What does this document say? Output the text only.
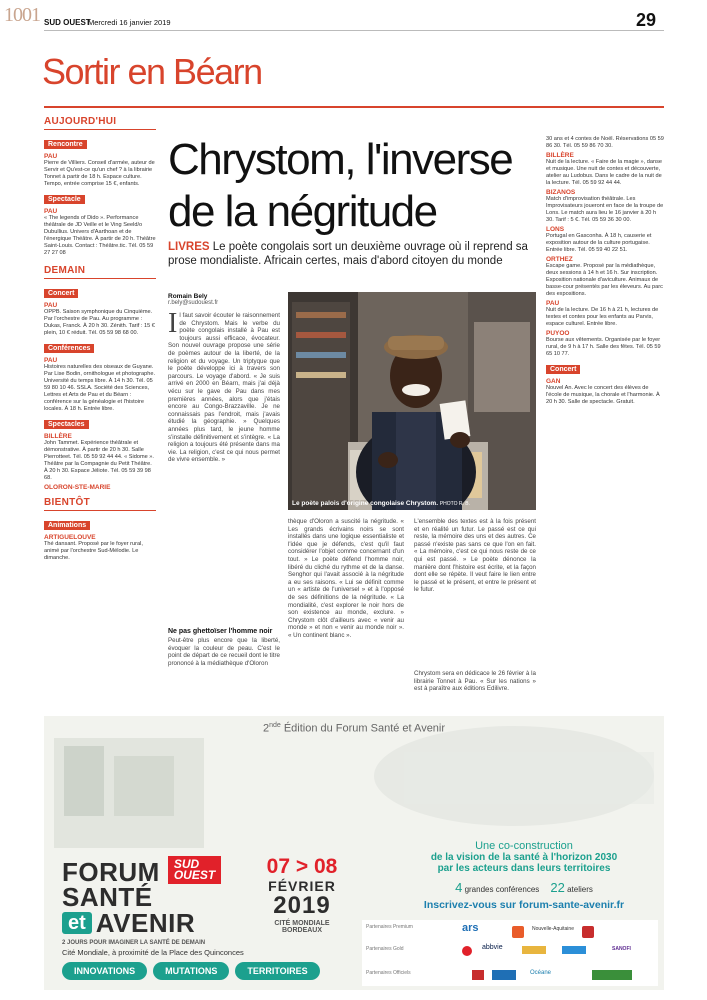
1001 SUD OUEST
Mercredi 16 janvier 2019	29
Sortir en Béarn
AUJOURD'HUI
Rencontre
PAU
Pierre de Villiers. Conseil d'armée, auteur de Servir et Qu'est-ce qu'un chef ? à la librairie Tonnet à partir de 18 h. Espace culture. Tempo, entrée comprise 15 €, enfants.
Spectacle
PAU
« The legends of Dido ». Performance théâtrale de JD Veille et le Ving Seeld/o Dubullius. Univers d'Aarthoan et de l'énergique Théâtre. À partir de 20 h. Théâtre Saint-Louis. Contact : Théâtre.tic. Tél. 05 59 27 27 08
DEMAIN
Concert
PAU
OPPB. Saison symphonique du Cinquième. Par l'orchestre de Pau. Au programme : Dukas, Franck. À 20 h 30. Zénith. Tarif : 15 € plein, 10 € réduit. Tél. 05 59 98 68 00.
Conférences
PAU
Histoires naturelles des oiseaux de Guyane. Par Lise Bodin, ornithologue et photographe. Université du temps libre. À 14 h 30. Tél. 05 59 80 10 46. SSLA. Société des Sciences, Lettres et Arts de Pau et du Béarn : conférence sur la généalogie et l'histoire locales. À 18 h. Entrée libre.
Spectacles
BILLÈRE
John Tammet. Expérience théâtrale et démonstrative. À partir de 20 h 30. Salle Pierrotteet. Tél. 05 59 92 44 44. « Sidome ». Théâtre par la Compagnie du Petit Théâtre. À 20 h 30. Espace Jéliote. Tél. 05 59 39 98 68.
OLORON-STE-MARIE
BIENTÔT
Animations
ARTIGUELOUVE
Thé dansant. Proposé par le foyer rural, animé par l'orchestre Sud-Mélodie. Le dimanche.
Chrystom, l'inverse
de la négritude
LIVRES Le poète congolais sort un deuxième ouvrage où il reprend sa prose mondialiste. Africain certes, mais d'abord citoyen du monde
Romain Bely
r.bely@sudouest.fr
I l faut savoir écouter le raisonnement de Chrystom. Mais le verbe du poète congolais installé à Pau est toujours aussi efficace, évocateur. Son nouvel ouvrage propose une série de poèmes autour de la liberté, de la religion et du voyage. Un triptyque que le poète développe ici à travers son parcours. Le voyage d'abord. « Je suis arrivé en 2000 en Béarn, mais j'ai déjà vécu sur le gave de Pau dans mes premières années, alors que j'étais encore au Congo-Brazzaville. Je ne connaissais pas l'endroit, mais j'avais étudié la géographie. » Quelques années plus tard, le jeune homme s'installe définitivement et s'intègre. « La religion a toujours été présente dans ma vie. La religion, c'est ce qui nous permet de vivre ensemble. »
Ne pas ghettoïser l'homme noir
Peut-être plus encore que la liberté, évoquer la couleur de peau. C'est le point de départ de ce recueil dont le titre prononcé à la médiathèque d'Oloron
Le poète palois d'origine congolaise Chrystom. PHOTO R. B.
thèque d'Oloron a suscité la négritude. « Les grands écrivains noirs se sont installés dans une logique essentialiste et l'idée que je défends, c'est qu'il faut considérer l'objet comme concernant d'un tout. » Le poète défend l'homme noir, libéré du cliché du rythme et de la danse. Senghor qui l'avait associé à la négritude a eu ses raisons. « Lui se définit comme un « artiste de l'universel » et à l'opposé de ses définitions de la négritude. « La mondialité, c'est explorer le noir hors de son existence au monde, exclure. » Chrystom clôt d'ailleurs avec « venir au monde » et non « venir au monde noir ». « Un continent blanc ».
L'ensemble des textes est à la fois présent et en réalité un futur. Le passé est ce qui reste, la mémoire des uns et des autres. Ce passé n'existe pas sans ce que l'on en fait. « La mémoire, c'est ce qui nous reste de ce qui est passé. » Le poète dénonce la manière dont l'histoire est écrite, et la façon dont elle se répète. Il veut faire le lien entre le passé et le présent, et entre le présent et le futur.
Chrystom sera en dédicace le 26 février à la librairie Tonnet à Pau. « Sur les nations » est à paraître aux éditions Edilivre.
30 ans et 4 contes de Noël. Réservations 05 59 86 30. Tél. 05 59 86 70 30.
BILLÈRE
Nuit de la lecture. « Faire de la magie », danse et musique. Une nuit de contes et découverte, atelier au Ludobus. Dans le cadre de la nuit de la lecture. Tél. 05 59 92 44 44.
BIZANOS
Match d'improvisation théâtrale. Les Improvisateurs joueront en face de la troupe de Lons. Le match aura lieu le 16 janvier à 20 h 30. Tarif : 5 €. Tél. 05 59 36 30 00.
LONS
Portugal en Gasconha. À 18 h, causerie et exposition autour de la culture portugaise. Entrée libre. Tél. 05 59 40 22 51.
ORTHEZ
Escape game. Proposé par la médiathèque, deux sessions à 14 h et 16 h. Sur inscription. Exposition nationale d'aviculture. Animaux de basse-cour présentés par les éleveurs. Au parc des expositions.
PAU
Nuit de la lecture. De 16 h à 21 h, lectures de textes et contes pour les enfants au Parvis, espace culturel. Entrée libre.
PUYOO
Bourse aux vêtements. Organisée par le foyer rural, de 9 h à 17 h. Salle des fêtes. Tél. 05 59 65 10 77.
Concert
GAN
Nouvel An. Avec le concert des élèves de l'école de musique, la chorale et l'harmonie. À 20 h 30. Salle de spectacle. Gratuit.
2nde Édition du Forum Santé et Avenir
FORUM SUD
OUEST
SANTÉ
et AVENIR
2 JOURS POUR IMAGINER LA SANTÉ DE DEMAIN
07 > 08
FÉVRIER
2019
CITÉ MONDIALE
BORDEAUX
Cité Mondiale, à proximité de la Place des Quinconces
INNOVATIONS	MUTATIONS	TERRITOIRES
Une co-construction
de la vision de la santé à l'horizon 2030
par les acteurs dans leurs territoires
4 grandes conférences 22 ateliers
Inscrivez-vous sur forum-sante-avenir.fr
Partenaires Premium	ars	Nouvelle-Aquitaine
Partenaires Gold	abbvie	SANOFI
Partenaires Officiels	Océane
